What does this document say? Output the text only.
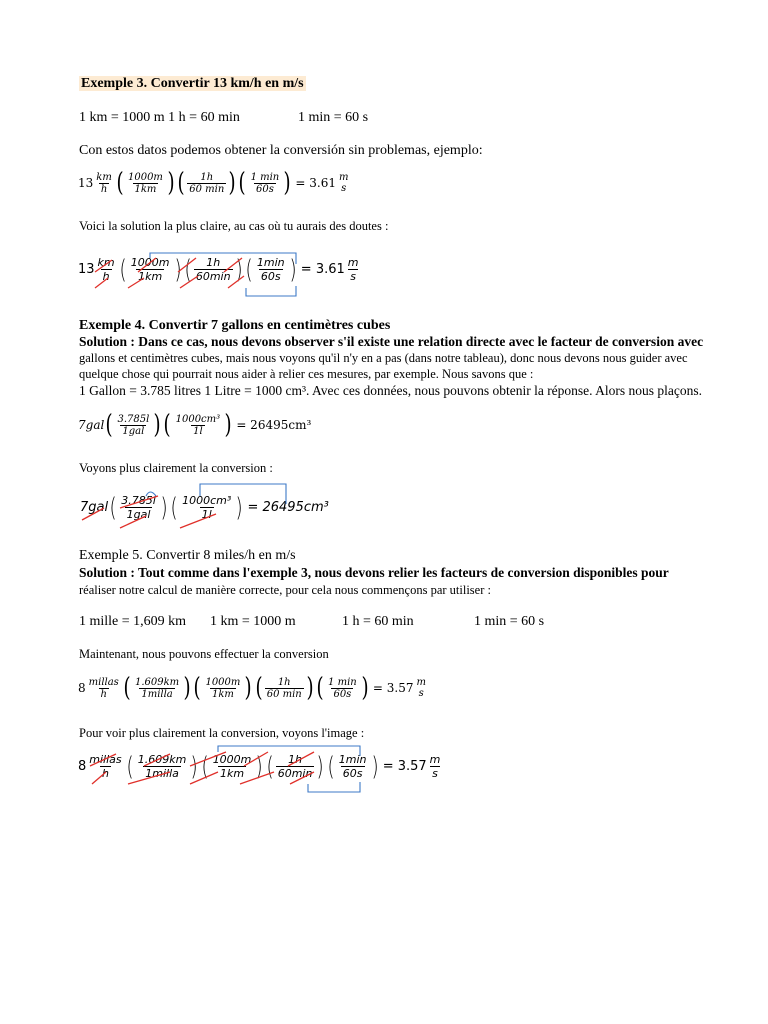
Exemple 3. Convertir 13 km/h en m/s
1 km = 1000 m 1 h = 60 min	1 min = 60 s
Con estos datos podemos obtener la conversión sin problemas, ejemplo:
$13 \frac{km}{h}$ ( $\frac{1000m}{1km}$ ) ( $\frac{1h}{60 \min}$ ) ( $\frac{1 \min}{60s}$ ) = 3.61 m
s
Voici la solution la plus claire, au cas où tu aurais des doutes :
$13 \frac{km}{h}$ ( $\frac{1000m}{1km}$ ) ( $\frac{1h}{60\min}$ ) ( $\frac{1\min}{60s}$ ) = $3.61 \frac{m}{s}$
Exemple 4. Convertir 7 gallons en centimètres cubes
Solution : Dans ce cas, nous devons observer s'il existe une relation directe avec le facteur de conversion avec
gallons et centimètres cubes, mais nous voyons qu'il n'y en a pas (dans notre tableau), donc nous devons nous guider avec
quelque chose qui pourrait nous aider à relier ces mesures, par exemple. Nous savons que :
1 Gallon = 3.785 litres 1 Litre = 1000 cm³. Avec ces données, nous pouvons obtenir la réponse. Alors nous plaçons.
7gal ( $\frac{3.785l}{\text{1gal}}$ ) ( $\frac{\text{1000cm³}}{1l}$ ) = 26495cm³
Voyons plus clairement la conversion :
7gal ( $\frac{3.785l}{\text{1gal}}$ ) ( $\frac{\text{1000cm³}}{1l}$ ) = 26495cm³
Exemple 5. Convertir 8 miles/h en m/s
Solution : Tout comme dans l'exemple 3, nous devons relier les facteurs de conversion disponibles pour
réaliser notre calcul de manière correcte, pour cela nous commençons par utiliser :
1 mille = 1,609 km 1 km = 1000 m	1 h = 60 min	1 min = 60 s
Maintenant, nous pouvons effectuer la conversion
$8 \frac{\text{millas}}{h}$ ( $\frac{1.609km}{\text{1milla}}$ ) ( $\frac{1000m}{1km}$ ) ( $\frac{1h}{60 \min}$ ) ( $\frac{1 \min}{60s}$ ) = 3.57 m
s
Pour voir plus clairement la conversion, voyons l'image :
$8 \frac{\text{millas}}{h}$ ( $\frac{1.609km}{\text{1milla}}$ ) ( $\frac{1000m}{1km}$ ) ( $\frac{1h}{60\min}$ ) ( $\frac{1\min}{60s}$ ) = $3.57 \frac{m}{s}$
